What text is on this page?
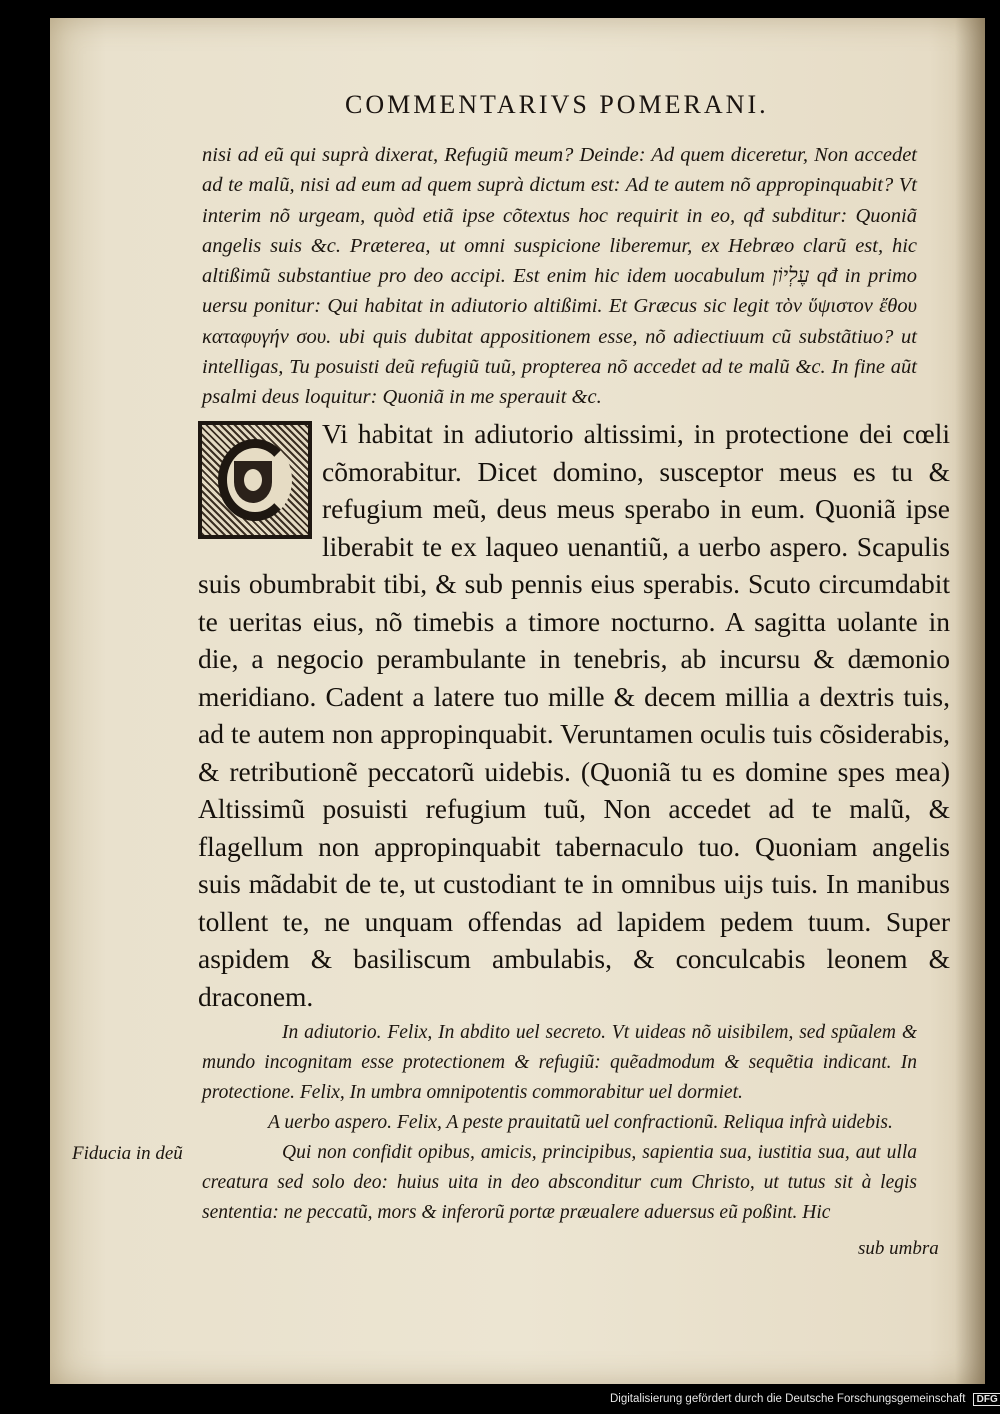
COMMENTARIVS POMERANI.

nisi ad eũ qui suprà dixerat, Refugiũ meum? Deinde: Ad quem diceretur, Non accedet ad te malũ, nisi ad eum ad quem suprà dictum est: Ad te autem nõ appropinquabit? Vt interim nõ urgeam, quòd etiã ipse cõtextus hoc requirit in eo, qđ subditur: Quoniã angelis suis &c. Præterea, ut omni suspicione liberemur, ex Hebræo clarũ est, hic altißimũ substantiue pro deo accipi. Est enim hic idem uocabulum עֶלְיוֹן qđ in primo uersu ponitur: Qui habitat in adiutorio altißimi. Et Græcus sic legit τὸν ὕψιστον ἔθου καταφυγήν σου. ubi quis dubitat appositionem esse, nõ adiectiuum cũ substãtiuo? ut intelligas, Tu posuisti deũ refugiũ tuũ, propterea nõ accedet ad te malũ &c. In fine aũt psalmi deus loquitur: Quoniã in me sperauit &c.

Vi habitat in adiutorio altissimi, in protectione dei cœli cõmorabitur. Dicet domino, susceptor meus es tu & refugium meũ, deus meus sperabo in eum. Quoniã ipse liberabit te ex laqueo uenantiũ, a uerbo aspero. Scapulis suis obumbrabit tibi, & sub pennis eius sperabis. Scuto circumdabit te ueritas eius, nõ timebis a timore nocturno. A sagitta uolante in die, a negocio perambulante in tenebris, ab incursu & dæmonio meridiano. Cadent a latere tuo mille & decem millia a dextris tuis, ad te autem non appropinquabit. Veruntamen oculis tuis cõsiderabis, & retributionẽ peccatorũ uidebis. (Quoniã tu es domine spes mea) Altissimũ posuisti refugium tuũ, Non accedet ad te malũ, & flagellum non appropinquabit tabernaculo tuo. Quoniam angelis suis mãdabit de te, ut custodiant te in omnibus uijs tuis. In manibus tollent te, ne unquam offendas ad lapidem pedem tuum. Super aspidem & basiliscum ambulabis, & conculcabis leonem & draconem.

In adiutorio. Felix, In abdito uel secreto. Vt uideas nõ uisibilem, sed spũalem & mundo incognitam esse protectionem & refugiũ: quẽadmodum & sequẽtia indicant. In protectione. Felix, In umbra omnipotentis commorabitur uel dormiet.

A uerbo aspero. Felix, A peste prauitatũ uel confractionũ. Reliqua infrà uidebis.

Qui non confidit opibus, amicis, principibus, sapientia sua, iustitia sua, aut ulla creatura sed solo deo: huius uita in deo absconditur cum Christo, ut tutus sit à legis sententia: ne peccatũ, mors & inferorũ portæ præualere aduersus eũ poßint. Hic

Fiducia in deũ
sub umbra
Digitalisierung gefördert durch die Deutsche Forschungsgemeinschaft DFG
